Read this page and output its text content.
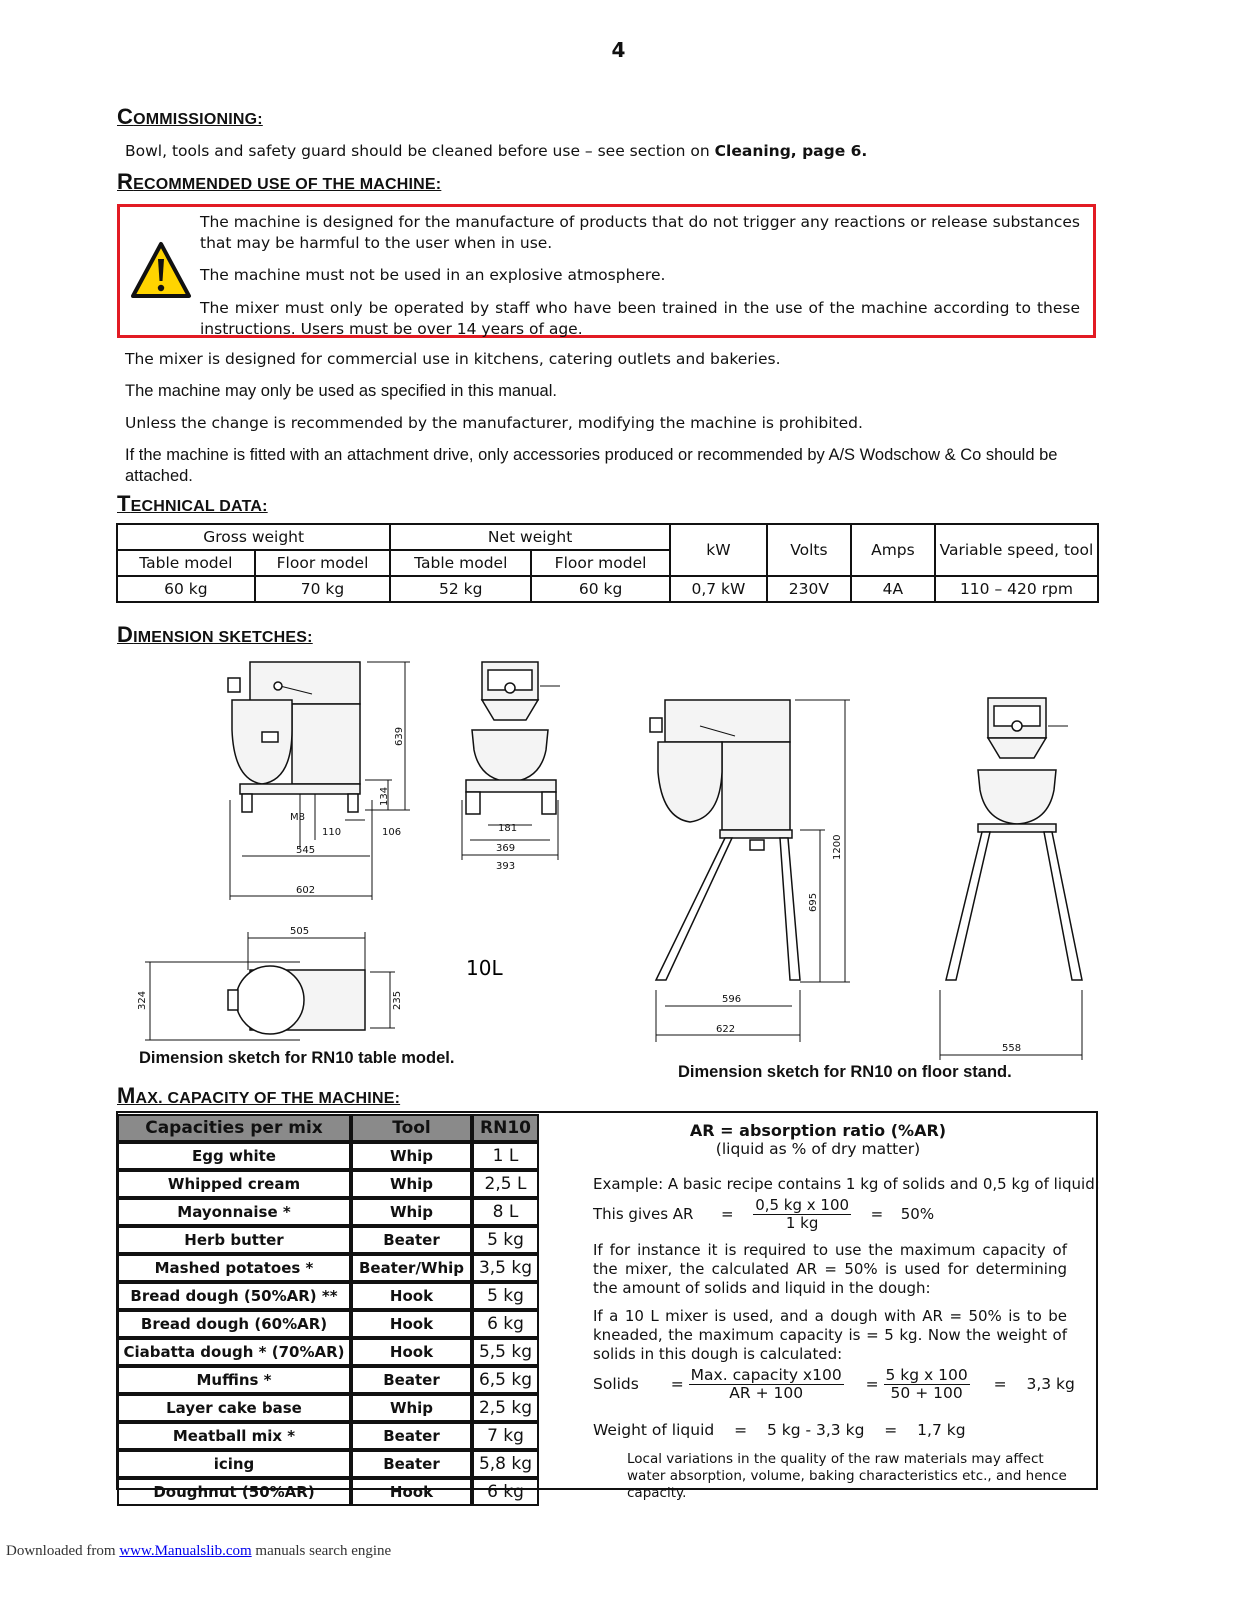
4
COMMISSIONING:
Bowl, tools and safety guard should be cleaned before use – see section on Cleaning, page 6.
RECOMMENDED USE OF THE MACHINE:
The machine is designed for the manufacture of products that do not trigger any reactions or release substances that may be harmful to the user when in use.
The machine must not be used in an explosive atmosphere.
The mixer must only be operated by staff who have been trained in the use of the machine according to these instructions. Users must be over 14 years of age.
The mixer is designed for commercial use in kitchens, catering outlets and bakeries.
The machine may only be used as specified in this manual.
Unless the change is recommended by the manufacturer, modifying the machine is prohibited.
If the machine is fitted with an attachment drive, only accessories produced or recommended by A/S Wodschow & Co should be attached.
TECHNICAL DATA:
Gross weight		Net weight		kW	Volts	Amps	Variable speed, tool
Table model	Floor model	Table model	Floor model				
60 kg	70 kg	52 kg	60 kg	0,7 kW	230V	4A	110 – 420 rpm
DIMENSION SKETCHES:
639
134
M8
110	106
545
602
181
369
393
505
324	235
10L
1200
695
596
622
558
Dimension sketch for RN10 table model.
Dimension sketch for RN10 on floor stand.
MAX. CAPACITY OF THE MACHINE:
Capacities per mix	Tool	RN10
Egg white	Whip	1 L
Whipped cream	Whip	2,5 L
Mayonnaise *	Whip	8 L
Herb butter	Beater	5 kg
Mashed potatoes *	Beater/Whip	3,5 kg
Bread dough (50%AR) **	Hook	5 kg
Bread dough (60%AR)	Hook	6 kg
Ciabatta dough * (70%AR)	Hook	5,5 kg
Muffins *	Beater	6,5 kg
Layer cake base	Whip	2,5 kg
Meatball mix *	Beater	7 kg
icing	Beater	5,8 kg
Doughnut (50%AR)	Hook	6 kg
AR = absorption ratio (%AR)
(liquid as % of dry matter)
Example: A basic recipe contains 1 kg of solids and 0,5 kg of liquid:
This gives AR = $\frac{\text{0,5 kg x 100}}{1 kg} = 50\%$
If for instance it is required to use the maximum capacity of the mixer, the calculated AR = 50% is used for determining the amount of solids and liquid in the dough:
If a 10 L mixer is used, and a dough with AR = 50% is to be kneaded, the maximum capacity is = 5 kg. Now the weight of solids in this dough is calculated:
Solids = $\frac{\text{Max. capacity x100}}{AR + 100} = \frac{\text{5 kg x 100}}{50 + 100} = 3,3$ kg
Weight of liquid = 5 kg - 3,3 kg = 1,7 kg
Local variations in the quality of the raw materials may affect water absorption, volume, baking characteristics etc., and hence capacity.
Downloaded from www.Manualslib.com manuals search engine
